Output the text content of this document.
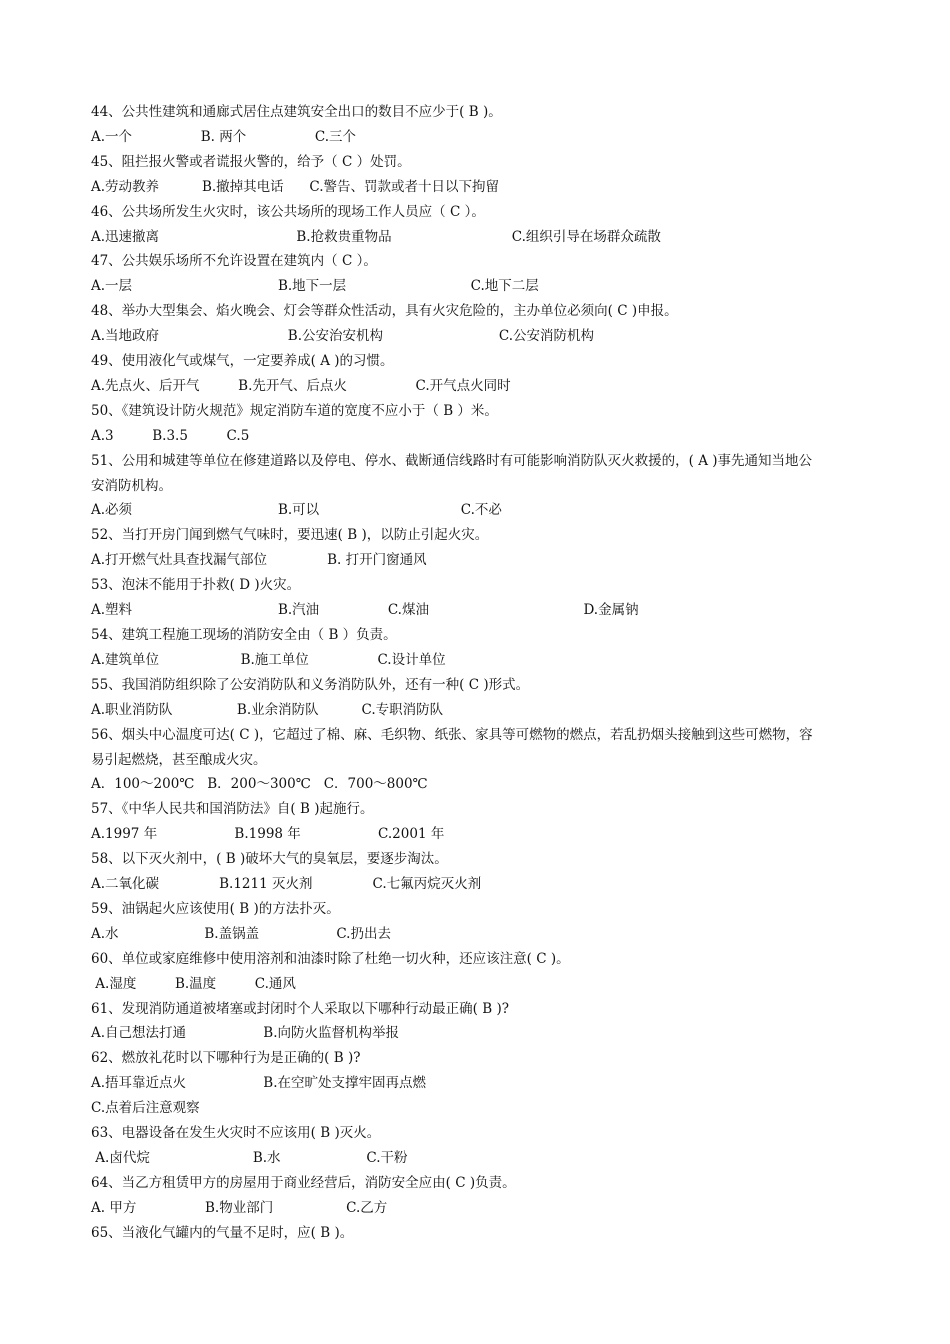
44、公共性建筑和通廊式居住点建筑安全出口的数目不应少于( B )。
A.一个                B. 两个                C.三个
45、阻拦报火警或者谎报火警的，给予（ C ）处罚。
A.劳动教养          B.撤掉其电话      C.警告、罚款或者十日以下拘留
46、公共场所发生火灾时，该公共场所的现场工作人员应（ C ）。
A.迅速撤离                                B.抢救贵重物品                            C.组织引导在场群众疏散
47、公共娱乐场所不允许设置在建筑内（ C ）。
A.一层                                  B.地下一层                             C.地下二层
48、举办大型集会、焰火晚会、灯会等群众性活动，具有火灾危险的，主办单位必须向( C )申报。
A.当地政府                              B.公安治安机构                           C.公安消防机构
49、使用液化气或煤气，一定要养成( A )的习惯。
A.先点火、后开气         B.先开气、后点火                C.开气点火同时
50、《建筑设计防火规范》规定消防车道的宽度不应小于（ B ）米。
A.3         B.3.5         C.5
51、公用和城建等单位在修建道路以及停电、停水、截断通信线路时有可能影响消防队灭火救援的，( A )事先通知当地公
安消防机构。
A.必须                                  B.可以                                 C.不必
52、当打开房门闻到燃气气味时，要迅速( B )，以防止引起火灾。
A.打开燃气灶具查找漏气部位              B. 打开门窗通风
53、泡沫不能用于扑救( D )火灾。
A.塑料                                  B.汽油                C.煤油                                    D.金属钠
54、建筑工程施工现场的消防安全由（ B ）负责。
A.建筑单位                   B.施工单位                C.设计单位
55、我国消防组织除了公安消防队和义务消防队外，还有一种( C )形式。
A.职业消防队               B.业余消防队          C.专职消防队
56、烟头中心温度可达( C )，它超过了棉、麻、毛织物、纸张、家具等可燃物的燃点，若乱扔烟头接触到这些可燃物，容
易引起燃烧，甚至酿成火灾。
A．100～200℃   B．200～300℃   C．700～800℃
57、《中华人民共和国消防法》自( B )起施行。
A.1997 年                  B.1998 年                  C.2001 年
58、以下灭火剂中，( B )破坏大气的臭氧层，要逐步淘汰。
A.二氧化碳              B.1211 灭火剂              C.七氟丙烷灭火剂
59、油锅起火应该使用( B )的方法扑灭。
A.水                    B.盖锅盖                  C.扔出去
60、单位或家庭维修中使用溶剂和油漆时除了杜绝一切火种，还应该注意( C )。
A.湿度         B.温度         C.通风
61、发现消防通道被堵塞或封闭时个人采取以下哪种行动最正确( B )?
A.自己想法打通                  B.向防火监督机构举报
62、燃放礼花时以下哪种行为是正确的( B )?
A.捂耳靠近点火                  B.在空旷处支撑牢固再点燃
C.点着后注意观察
63、电器设备在发生火灾时不应该用( B )灭火。
A.卤代烷                        B.水                    C.干粉
64、当乙方租赁甲方的房屋用于商业经营后，消防安全应由( C )负责。
A. 甲方                B.物业部门                 C.乙方
65、当液化气罐内的气量不足时，应( B )。
